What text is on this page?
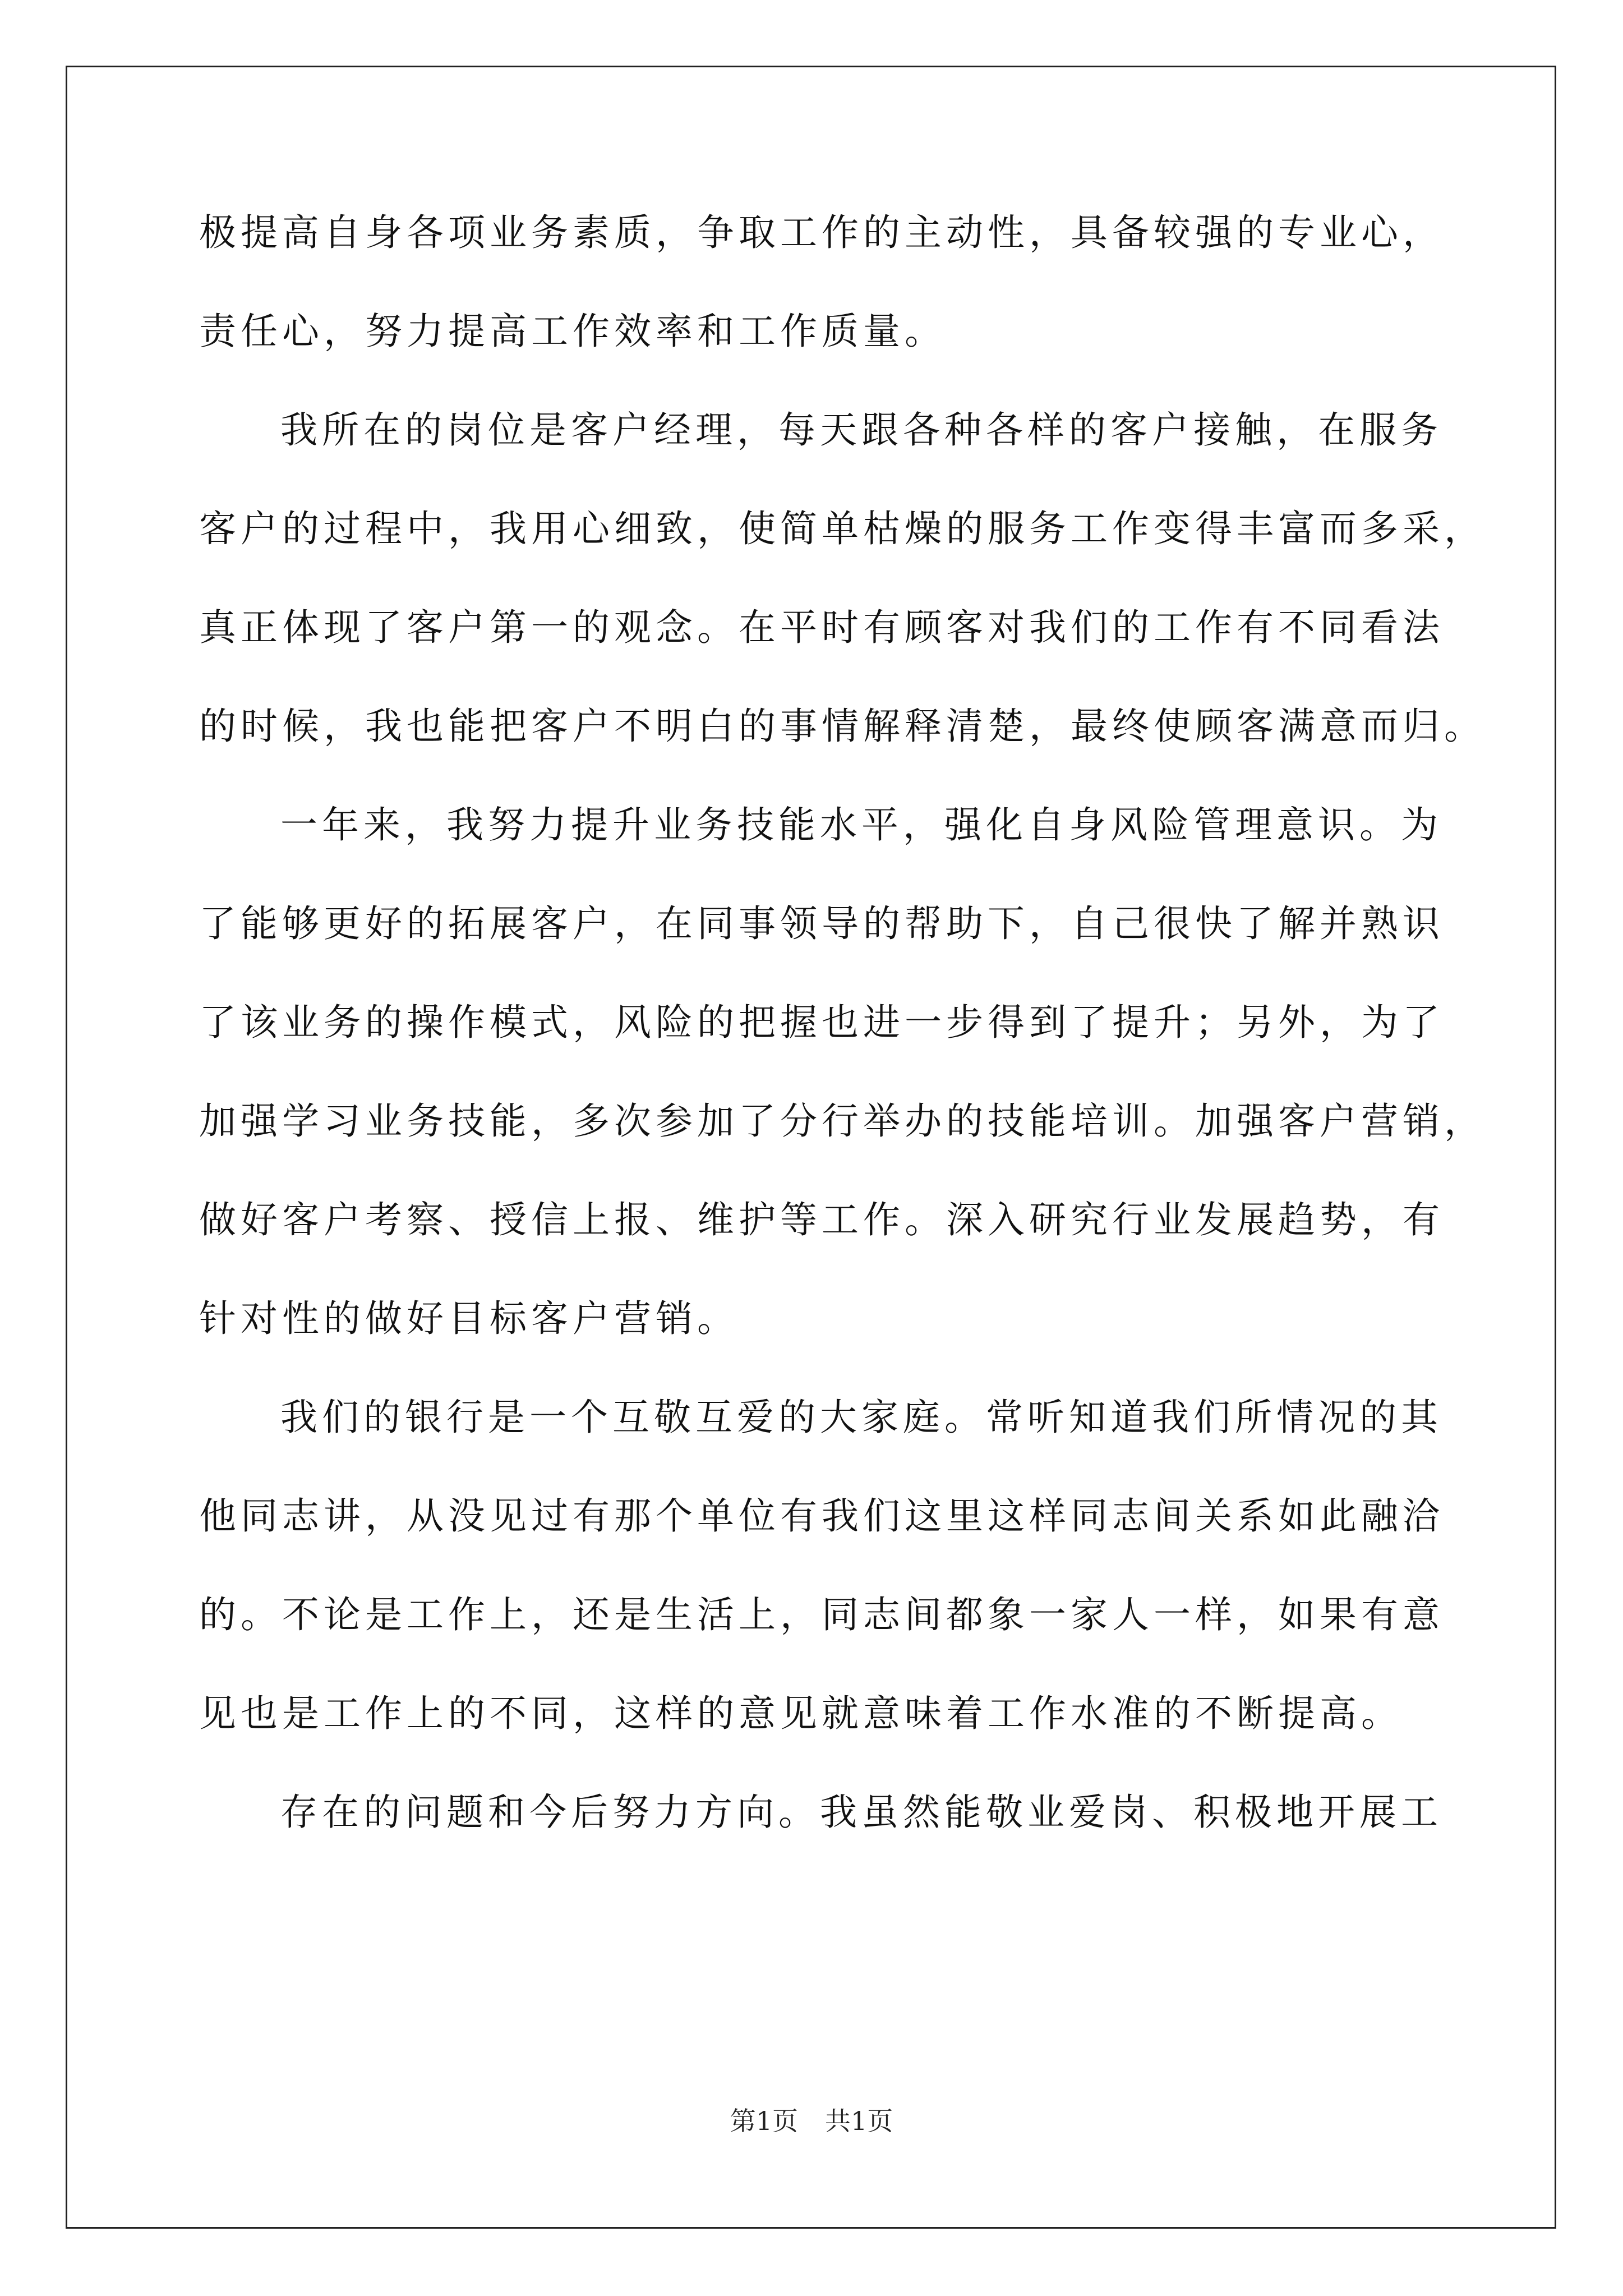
极提高自身各项业务素质，争取工作的主动性，具备较强的专业心，
责任心，努力提高工作效率和工作质量。
我所在的岗位是客户经理，每天跟各种各样的客户接触，在服务
客户的过程中，我用心细致，使简单枯燥的服务工作变得丰富而多采，
真正体现了客户第一的观念。在平时有顾客对我们的工作有不同看法
的时候，我也能把客户不明白的事情解释清楚，最终使顾客满意而归。
一年来，我努力提升业务技能水平，强化自身风险管理意识。为
了能够更好的拓展客户，在同事领导的帮助下，自己很快了解并熟识
了该业务的操作模式，风险的把握也进一步得到了提升；另外，为了
加强学习业务技能，多次参加了分行举办的技能培训。加强客户营销，
做好客户考察、授信上报、维护等工作。深入研究行业发展趋势，有
针对性的做好目标客户营销。
我们的银行是一个互敬互爱的大家庭。常听知道我们所情况的其
他同志讲，从没见过有那个单位有我们这里这样同志间关系如此融洽
的。不论是工作上，还是生活上，同志间都象一家人一样，如果有意
见也是工作上的不同，这样的意见就意味着工作水准的不断提高。
存在的问题和今后努力方向。我虽然能敬业爱岗、积极地开展工
第1页 共1页
